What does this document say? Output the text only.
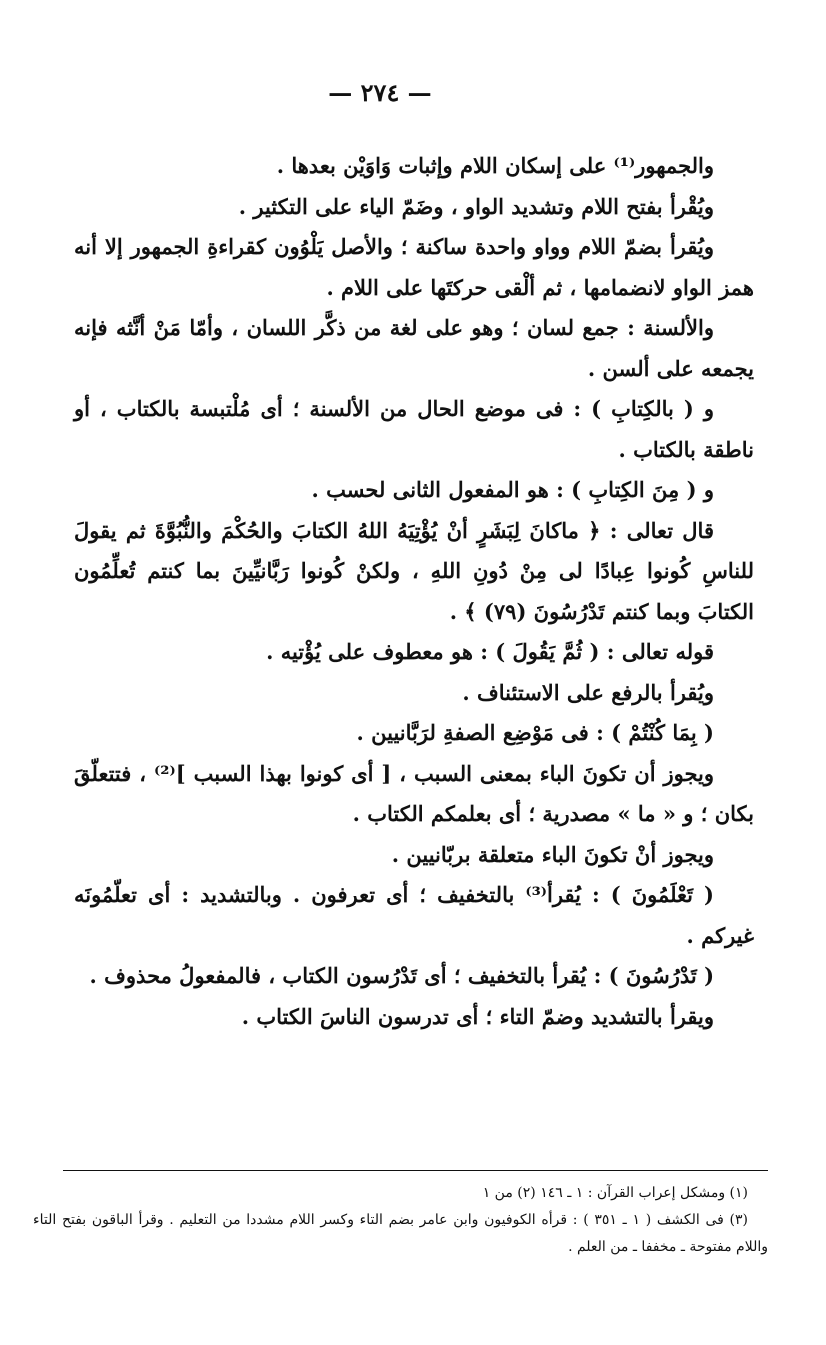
— ٢٧٤ —

والجمهور⁽¹⁾ على إسكان اللام وإثبات وَاوَيْن بعدها .

ويُقْرأ بفتح اللام وتشديد الواو ، وضَمّ الياء على التكثير .

ويُقرأ بضمّ اللام وواو واحدة ساكنة ؛ والأصل يَلْوُون كقراءةِ الجمهور إلا أنه همز الواو لانضمامها ، ثم ألْقى حركتَها على اللام .

والألسنة : جمع لسان ؛ وهو على لغة من ذكَّر اللسان ، وأمّا مَنْ أنَّثه فإنه يجمعه على ألسن .

و ( بالكِتابِ ) : فى موضع الحال من الألسنة ؛ أى مُلْتبسة بالكتاب ، أو ناطقة بالكتاب .

و ( مِنَ الكِتابِ ) : هو المفعول الثانى لحسب .

قال تعالى : ﴿ ماكانَ لِبَشَرٍ أنْ يُؤْتِيَهُ اللهُ الكتابَ والحُكْمَ والنُّبُوَّةَ ثم يقولَ للناسِ كُونوا عِبادًا لى مِنْ دُونِ اللهِ ، ولكنْ كُونوا رَبَّانيِّينَ بما كنتم تُعلِّمُون الكتابَ وبما كنتم تَدْرُسُونَ (٧٩) ﴾ .

قوله تعالى : ( ثُمَّ يَقُولَ ) : هو معطوف على يُؤْتيه .

ويُقرأ بالرفع على الاستئناف .

( بِمَا كُنْتُمْ ) : فى مَوْضِع الصفةِ لرَبَّانيين .

ويجوز أن تكونَ الباء بمعنى السبب ، [ أى كونوا بهذا السبب ]⁽²⁾ ، فتتعلّقَ بكان ؛ و « ما » مصدرية ؛ أى بعلمكم الكتاب .

ويجوز أنْ تكونَ الباء متعلقة بربّانيين .

( تَعْلَمُونَ ) : يُقرأ⁽³⁾ بالتخفيف ؛ أى تعرفون . وبالتشديد : أى تعلّمُونَه غيركم .

( تَدْرُسُونَ ) : يُقرأ بالتخفيف ؛ أى تَدْرُسون الكتاب ، فالمفعولُ محذوف .

ويقرأ بالتشديد وضمّ التاء ؛ أى تدرسون الناسَ الكتاب .

(١) ومشكل إعراب القرآن : ١ ـ ١٤٦ (٢) من ١

(٣) فى الكشف ( ١ ـ ٣٥١ ) : قرأه الكوفيون وابن عامر بضم التاء وكسر اللام مشددا من التعليم . وقرأ الباقون بفتح التاء واللام مفتوحة ـ مخففا ـ من العلم .
